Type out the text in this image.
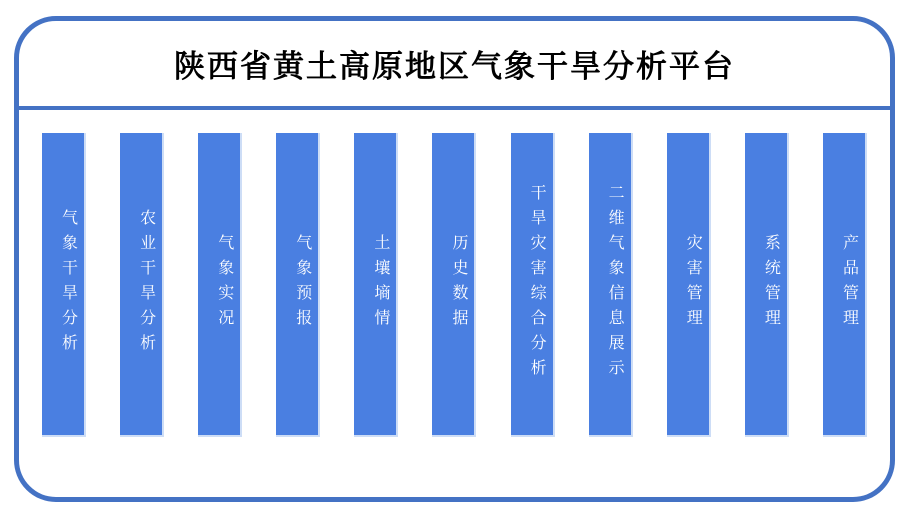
陕西省黄土高原地区气象干旱分析平台
气象干旱分析	农业干旱分析	气象实况	气象预报	土壤墒情	历史数据	干旱灾害综合分析	二维气象信息展示	灾害管理	系统管理	产品管理
